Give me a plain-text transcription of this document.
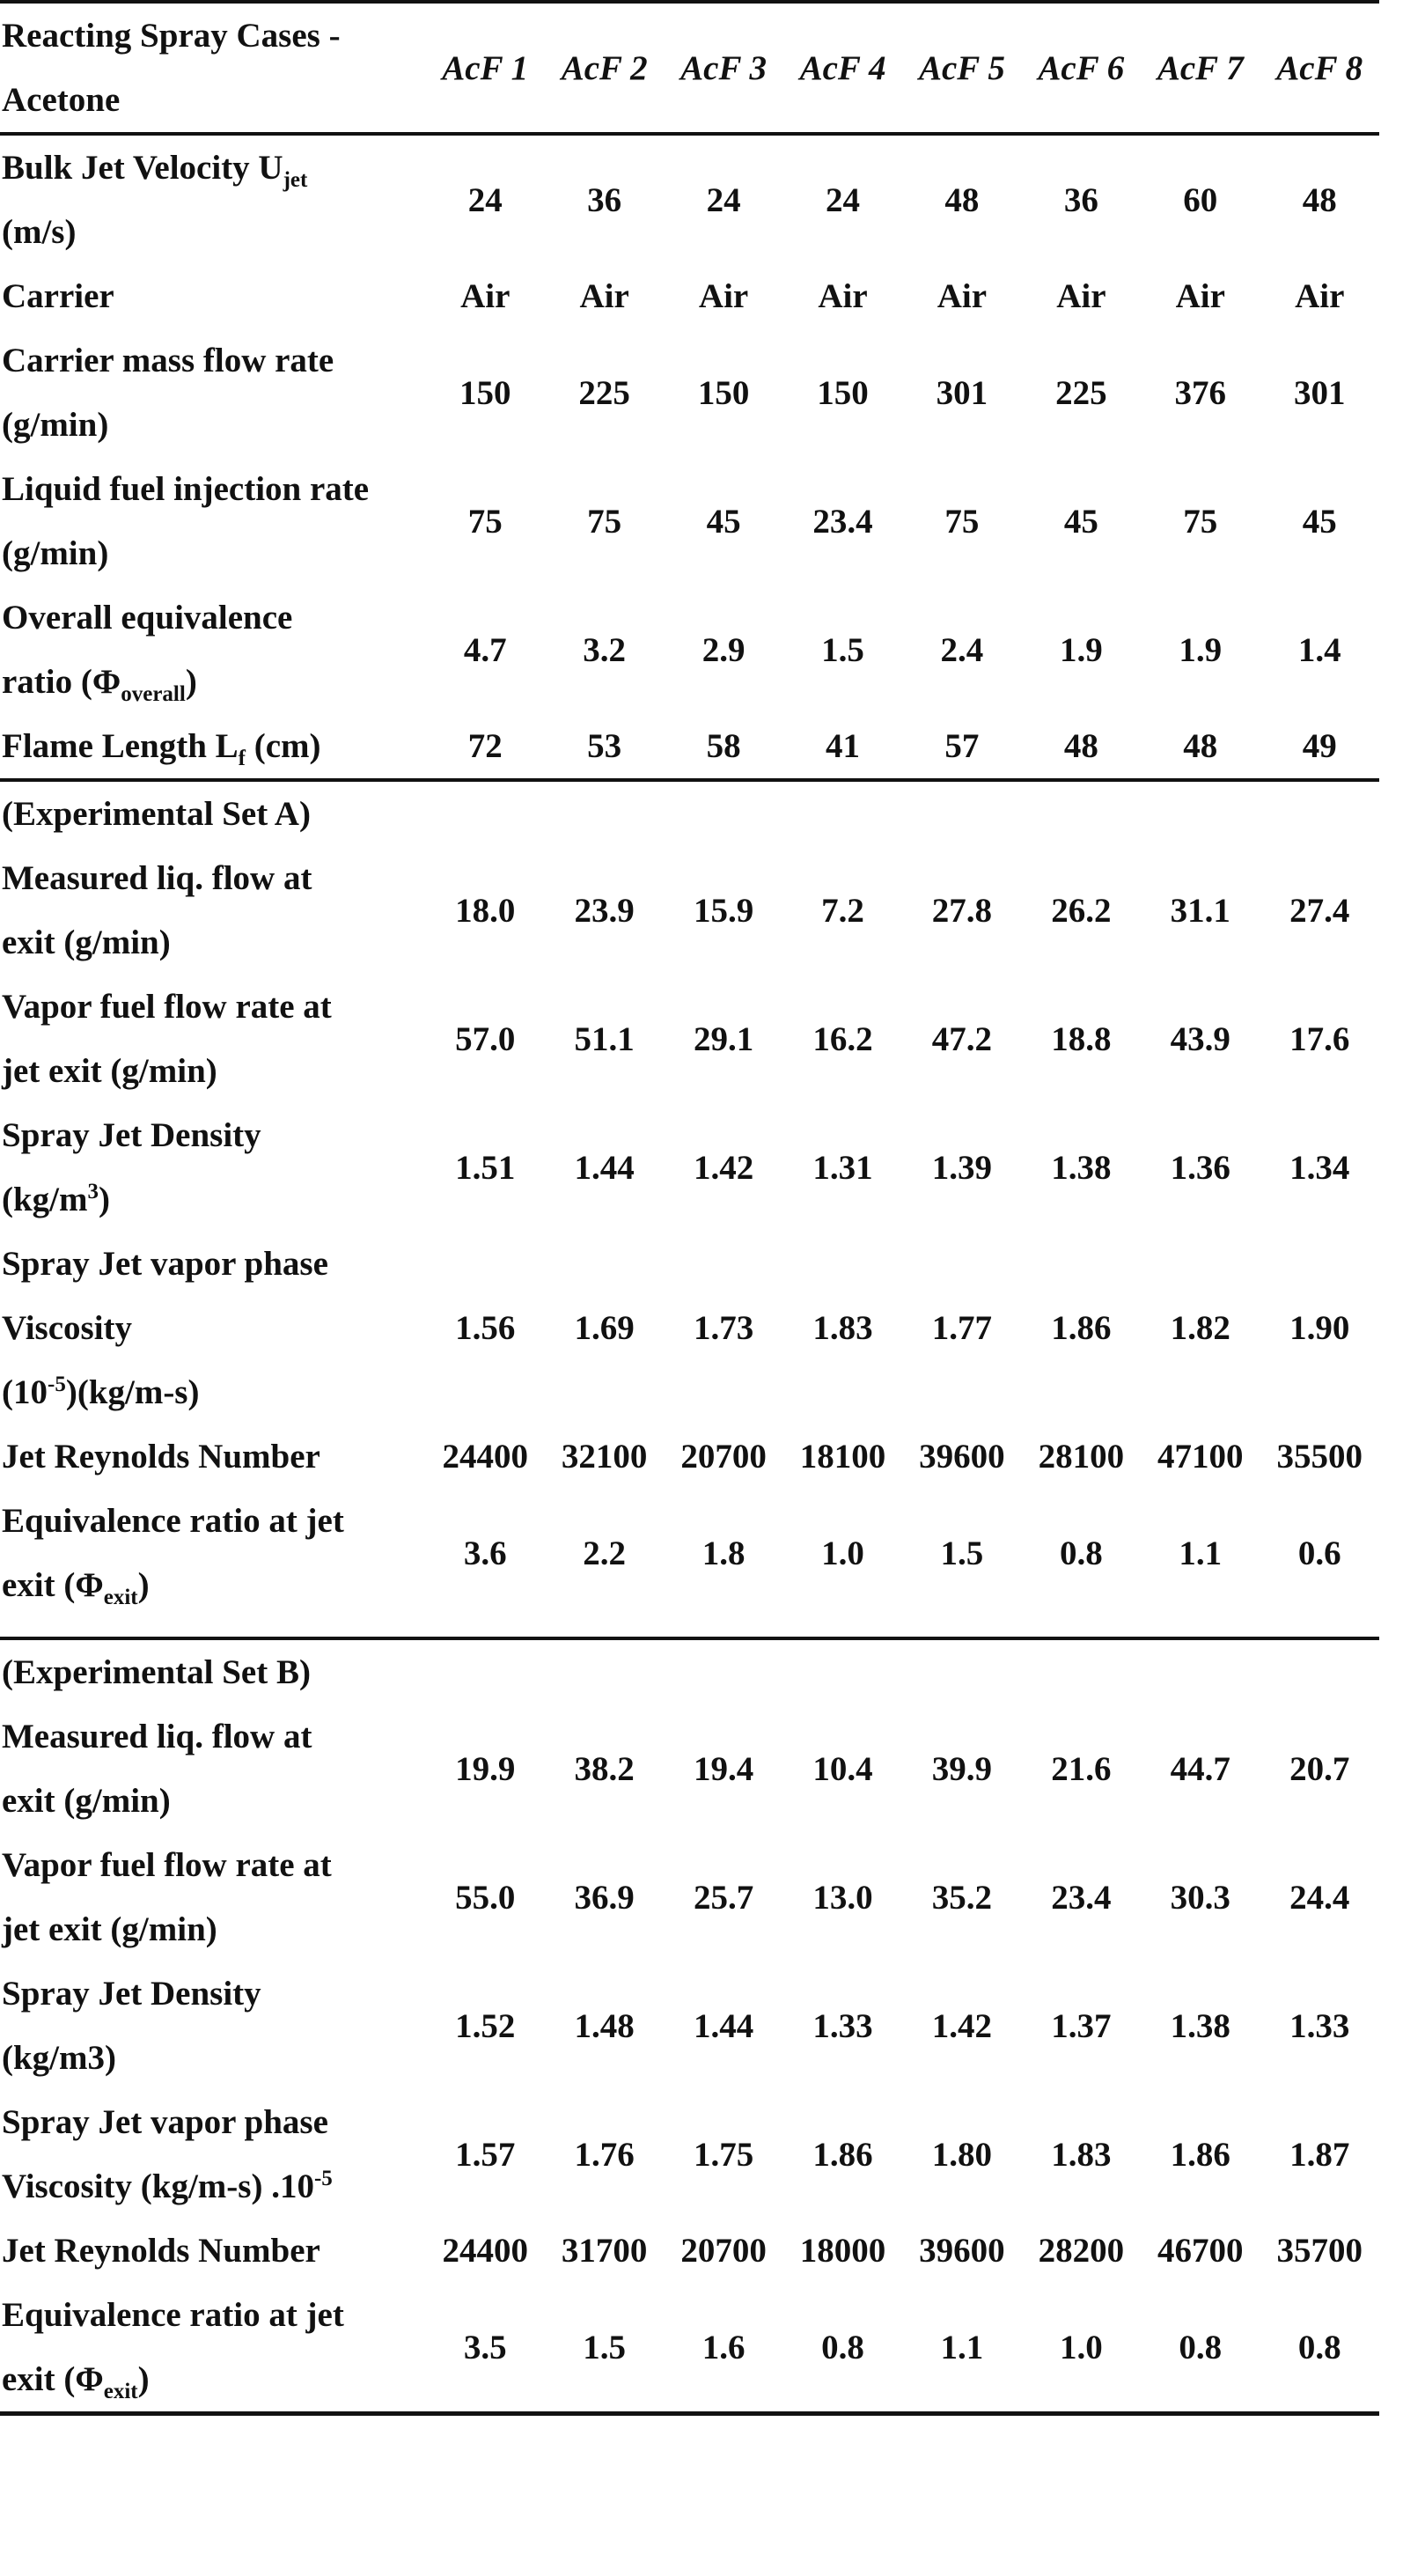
Reacting Spray Cases -
Acetone	AcF 1	AcF 2	AcF 3	AcF 4	AcF 5	AcF 6	AcF 7	AcF 8

Bulk Jet Velocity $U_{jet}$
(m/s)	24	36	24	24	48	36	60	48

Carrier	Air	Air	Air	Air	Air	Air	Air	Air

Carrier mass flow rate
(g/min)	150	225	150	150	301	225	376	301

Liquid fuel injection rate
(g/min)	75	75	45	23.4	75	45	75	45

Overall equivalence
ratio $(\Phi_{overall})$	4.7	3.2	2.9	1.5	2.4	1.9	1.9	1.4

Flame Length $L_f$ (cm)	72	53	58	41	57	48	48	49
(Experimental Set A)								

Measured liq. flow at
exit (g/min)	18.0	23.9	15.9	7.2	27.8	26.2	31.1	27.4

Vapor fuel flow rate at
jet exit (g/min)	57.0	51.1	29.1	16.2	47.2	18.8	43.9	17.6

Spray Jet Density
$(kg/m^3)$	1.51	1.44	1.42	1.31	1.39	1.38	1.36	1.34

Spray Jet vapor phase
Viscosity
$(10^{-5})(kg/m-s)$	1.56	1.69	1.73	1.83	1.77	1.86	1.82	1.90

Jet Reynolds Number	24400	32100	20700	18100	39600	28100	47100	35500

Equivalence ratio at jet
exit $(\Phi_{exit})$	3.6	2.2	1.8	1.0	1.5	0.8	1.1	0.6

(Experimental Set B)								

Measured liq. flow at
exit (g/min)	19.9	38.2	19.4	10.4	39.9	21.6	44.7	20.7

Vapor fuel flow rate at
jet exit (g/min)	55.0	36.9	25.7	13.0	35.2	23.4	30.3	24.4

Spray Jet Density
(kg/m3)	1.52	1.48	1.44	1.33	1.42	1.37	1.38	1.33

Spray Jet vapor phase
Viscosity (kg/m-s) $.10^{-5}$	1.57	1.76	1.75	1.86	1.80	1.83	1.86	1.87

Jet Reynolds Number	24400	31700	20700	18000	39600	28200	46700	35700

Equivalence ratio at jet
exit $(\Phi_{exit})$	3.5	1.5	1.6	0.8	1.1	1.0	0.8	0.8
